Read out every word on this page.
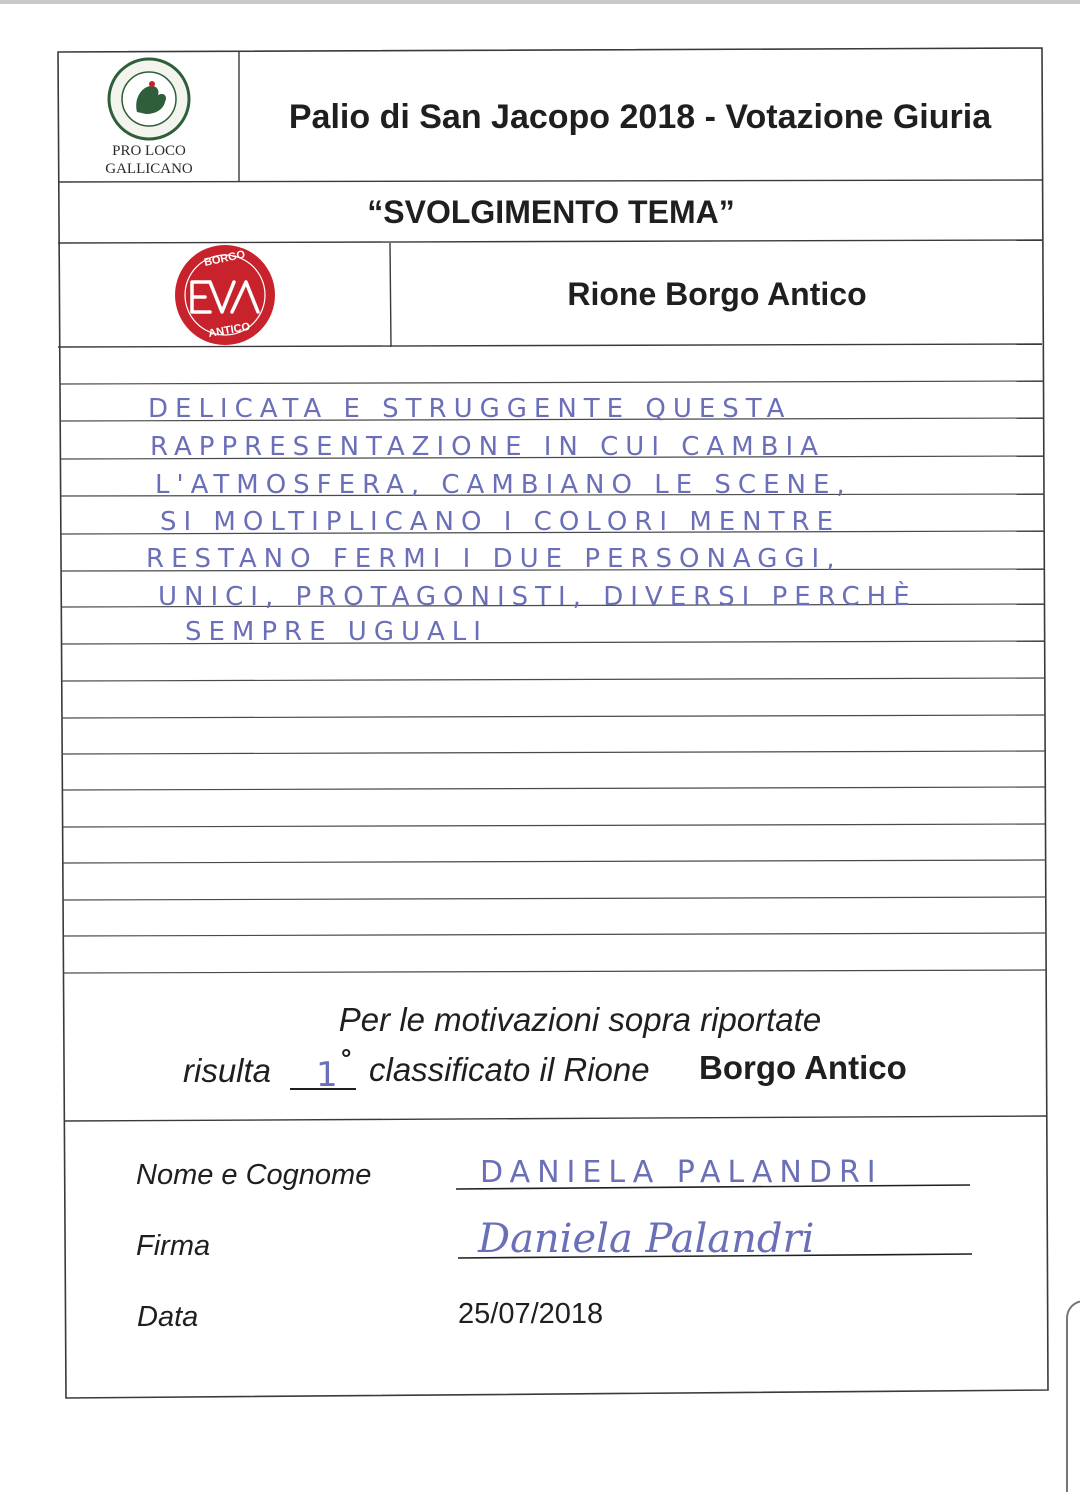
PRO LOCO
GALLICANO
Palio di San Jacopo 2018 - Votazione Giuria
“SVOLGIMENTO TEMA”
BORGO
ANTICO
Rione Borgo Antico
DELICATA E STRUGGENTE QUESTA
RAPPRESENTAZIONE IN CUI CAMBIA
L'ATMOSFERA, CAMBIANO LE SCENE,
SI MOLTIPLICANO I COLORI MENTRE
RESTANO FERMI I DUE PERSONAGGI,
UNICI, PROTAGONISTI, DIVERSI PERCHÈ
SEMPRE UGUALI
Per le motivazioni sopra riportate
risulta 1 ° classificato il Rione Borgo Antico
Nome e Cognome	DANIELA PALANDRI
Firma	Daniela Palandri
Data	25/07/2018
